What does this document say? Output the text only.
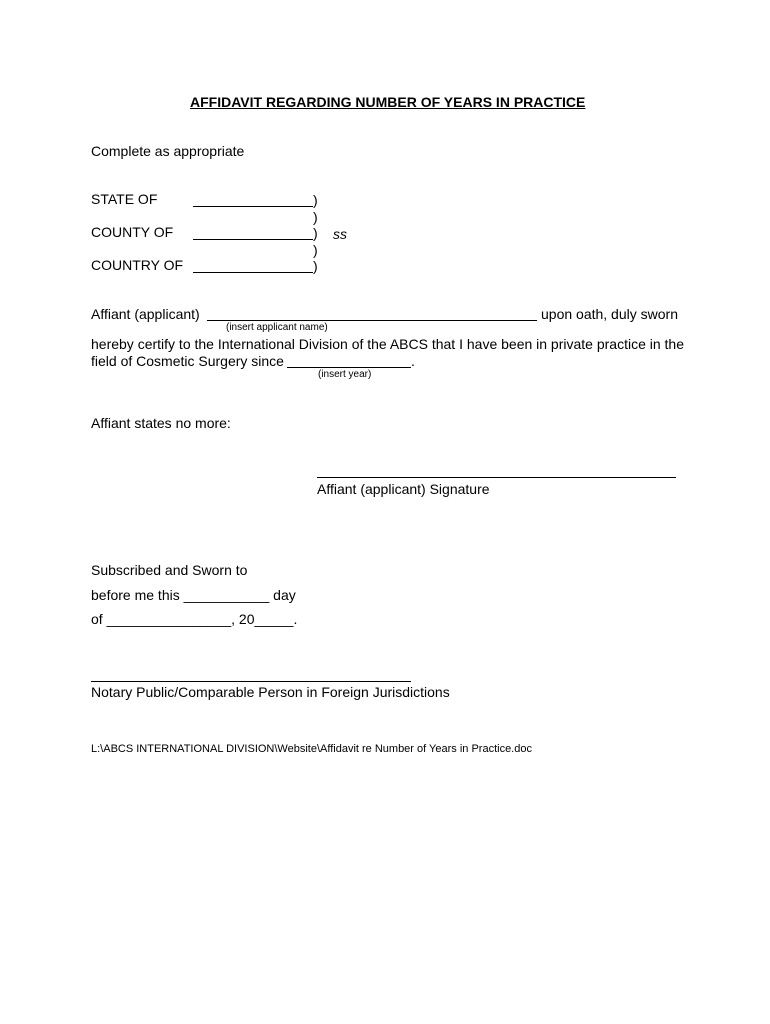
AFFIDAVIT REGARDING NUMBER OF YEARS IN PRACTICE
Complete as appropriate
STATE OF	)
)
COUNTY OF	) ss
)
COUNTRY OF	)
Affiant (applicant)	upon oath, duly sworn
(insert applicant name)
hereby certify to the International Division of the ABCS that I have been in private practice in the
field of Cosmetic Surgery since	.
(insert year)
Affiant states no more:
Affiant (applicant) Signature
Subscribed and Sworn to
before me this ___________ day
of ________________, 20_____.
Notary Public/Comparable Person in Foreign Jurisdictions
L:\ABCS INTERNATIONAL DIVISION\Website\Affidavit re Number of Years in Practice.doc
